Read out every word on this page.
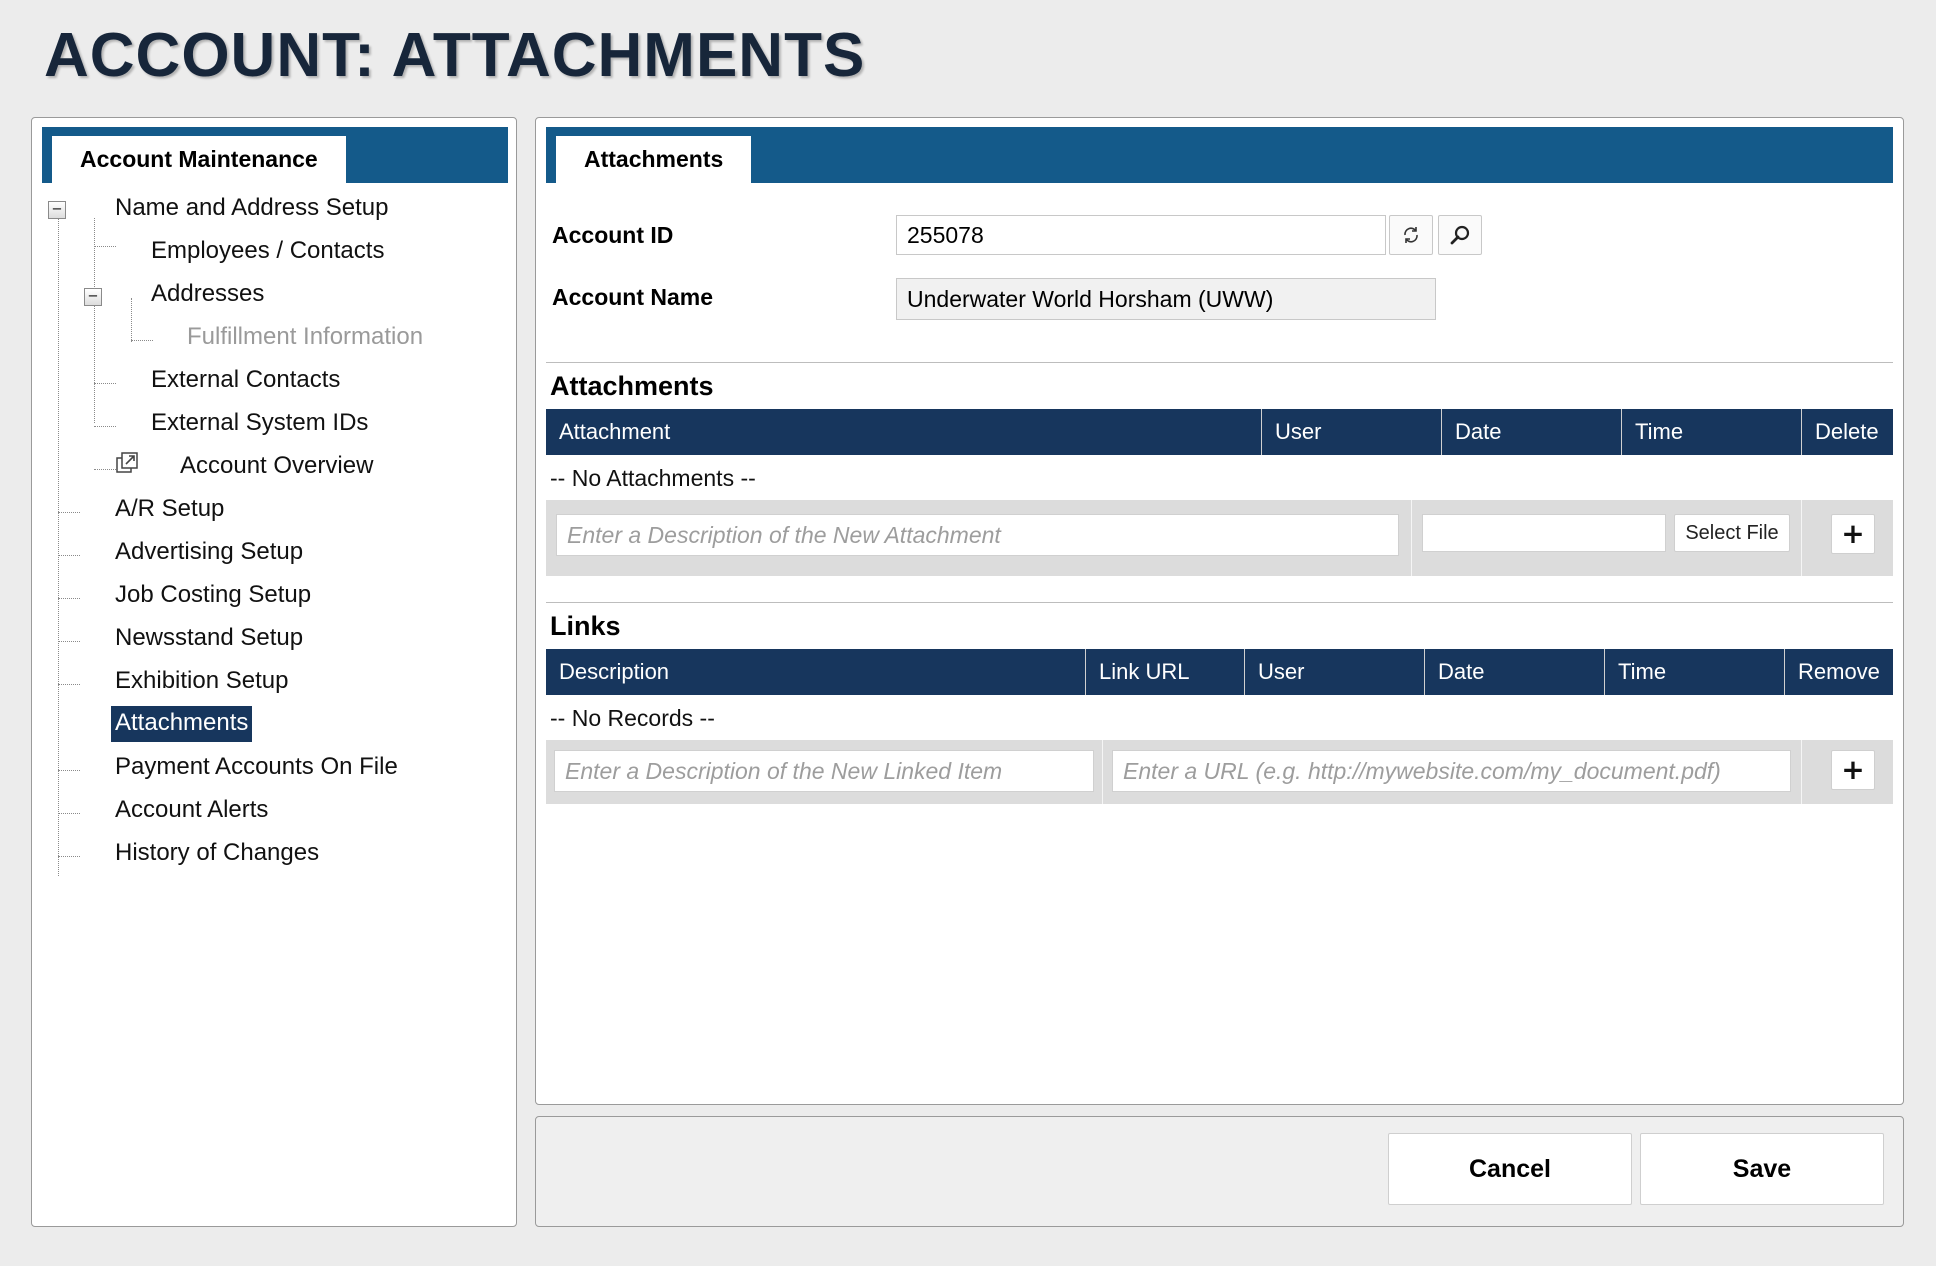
ACCOUNT: ATTACHMENTS
Account Maintenance
−
−
Name and Address Setup
Employees / Contacts
Addresses
Fulfillment Information
External Contacts
External System IDs
Account Overview
A/R Setup
Advertising Setup
Job Costing Setup
Newsstand Setup
Exhibition Setup
Attachments
Payment Accounts On File
Account Alerts
History of Changes
Attachments
Account ID
255078
Account Name
Underwater World Horsham (UWW)
Attachments
Attachment	User	Date	Time	Delete
-- No Attachments --
Enter a Description of the New Attachment
Select File	+
Links
Description	Link URL	User	Date	Time	Remove
-- No Records --
Enter a Description of the New Linked Item
Enter a URL (e.g. http://mywebsite.com/my_document.pdf)
+
Cancel	Save
